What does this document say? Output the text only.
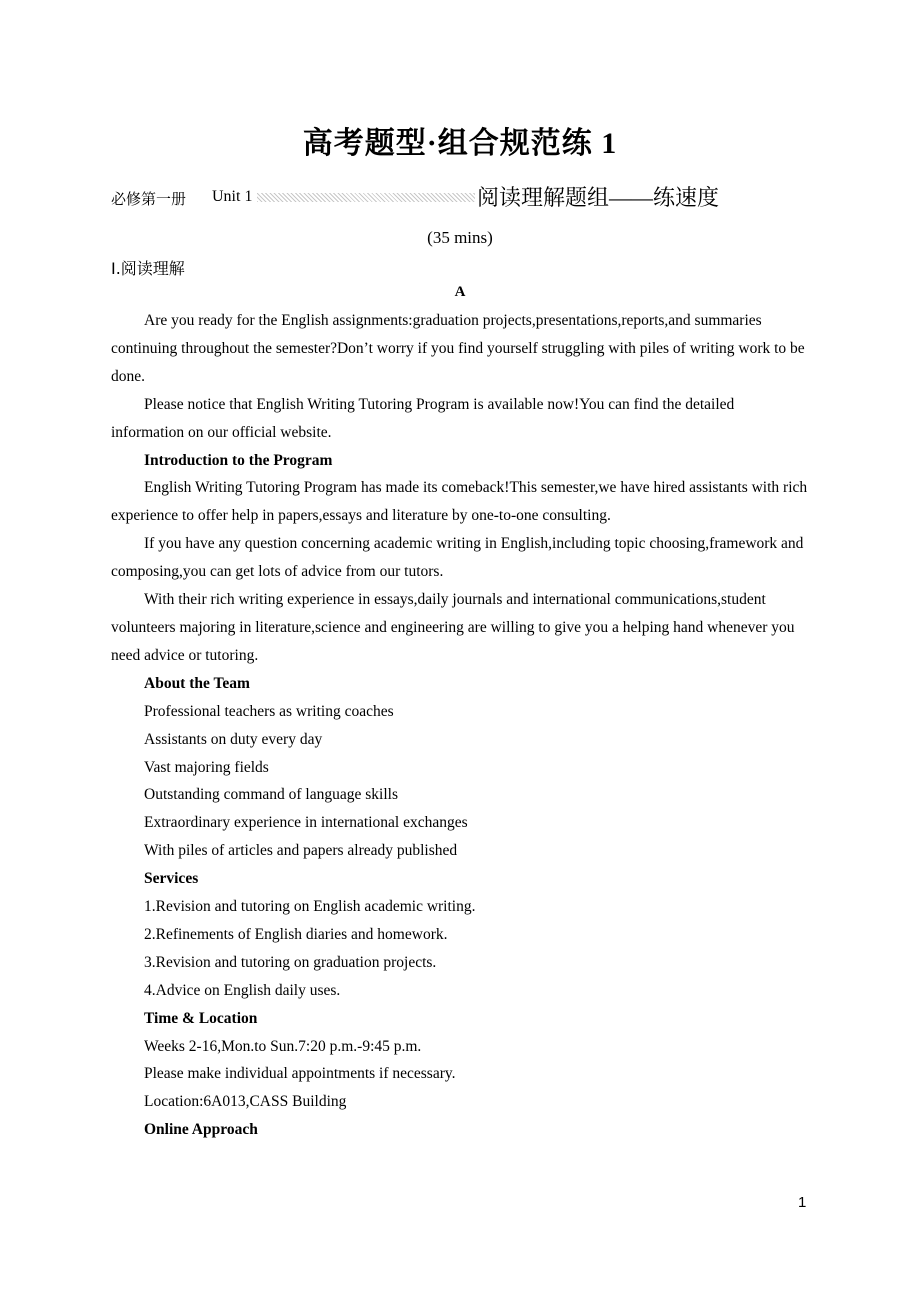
高考题型·组合规范练 1
必修第一册 Unit 1	阅读理解题组——练速度
(35 mins)
Ⅰ.阅读理解
A

Are you ready for the English assignments:graduation projects,presentations,reports,and summaries continuing throughout the semester?Don’t worry if you find yourself struggling with piles of writing work to be done.

Please notice that English Writing Tutoring Program is available now!You can find the detailed information on our official website.

Introduction to the Program

English Writing Tutoring Program has made its comeback!This semester,we have hired assistants with rich experience to offer help in papers,essays and literature by one-to-one consulting.

If you have any question concerning academic writing in English,including topic choosing,framework and composing,you can get lots of advice from our tutors.

With their rich writing experience in essays,daily journals and international communications,student volunteers majoring in literature,science and engineering are willing to give you a helping hand whenever you need advice or tutoring.

About the Team

Professional teachers as writing coaches

Assistants on duty every day

Vast majoring fields

Outstanding command of language skills

Extraordinary experience in international exchanges

With piles of articles and papers already published

Services

1.Revision and tutoring on English academic writing.

2.Refinements of English diaries and homework.

3.Revision and tutoring on graduation projects.

4.Advice on English daily uses.

Time & Location

Weeks 2-16,Mon.to Sun.7:20 p.m.-9:45 p.m.

Please make individual appointments if necessary.

Location:6A013,CASS Building

Online Approach

1
